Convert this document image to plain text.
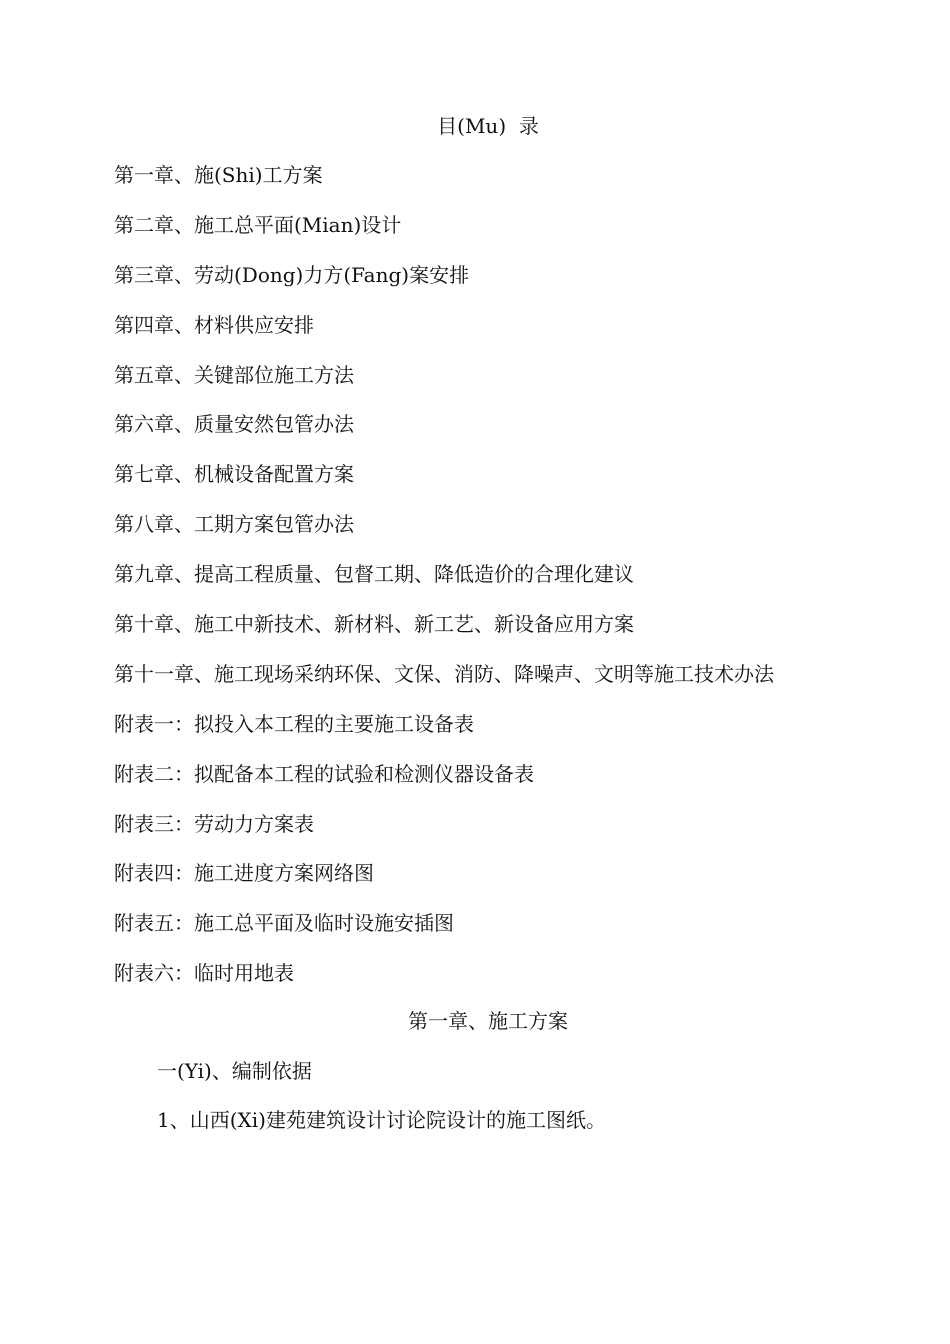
目(Mu)  录
第一章、施(Shi)工方案
第二章、施工总平面(Mian)设计
第三章、劳动(Dong)力方(Fang)案安排
第四章、材料供应安排
第五章、关键部位施工方法
第六章、质量安然包管办法
第七章、机械设备配置方案
第八章、工期方案包管办法
第九章、提高工程质量、包督工期、降低造价的合理化建议
第十章、施工中新技术、新材料、新工艺、新设备应用方案
第十一章、施工现场采纳环保、文保、消防、降噪声、文明等施工技术办法
附表一：拟投入本工程的主要施工设备表
附表二：拟配备本工程的试验和检测仪器设备表
附表三：劳动力方案表
附表四：施工进度方案网络图
附表五：施工总平面及临时设施安插图
附表六：临时用地表
第一章、施工方案
一(Yi)、编制依据
1、山西(Xi)建苑建筑设计讨论院设计的施工图纸。
